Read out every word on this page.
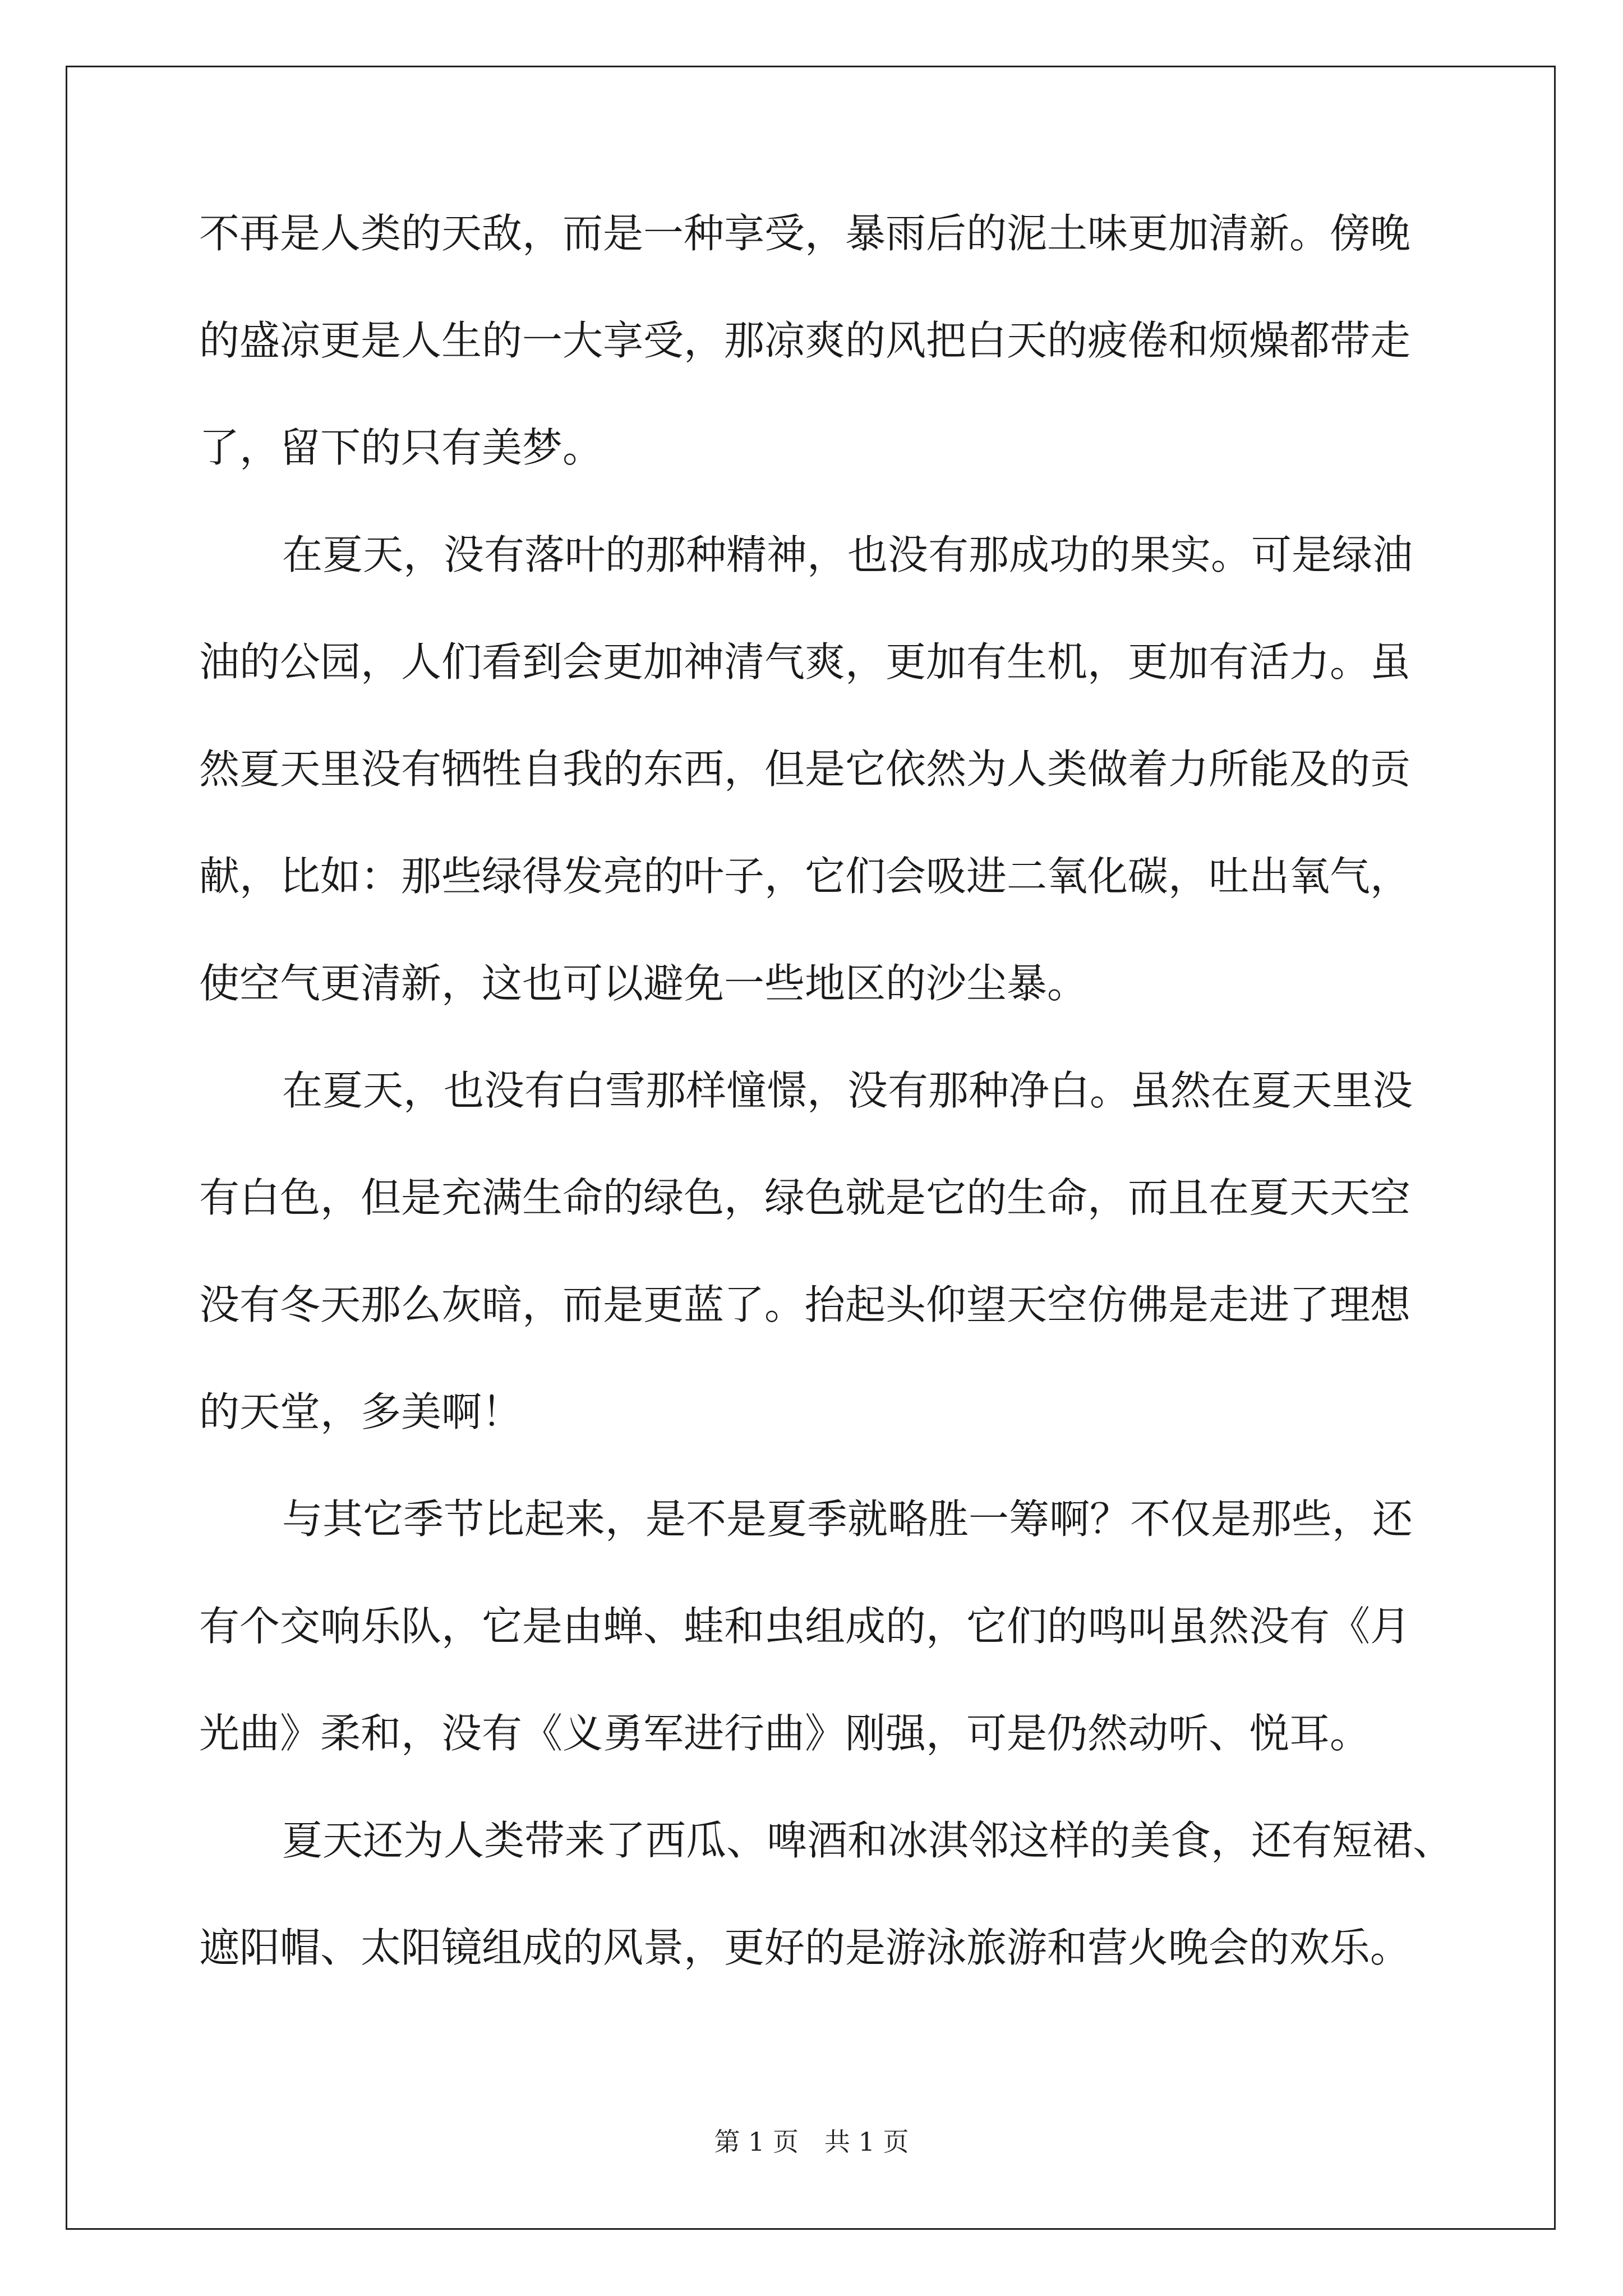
不再是人类的天敌，而是一种享受，暴雨后的泥土味更加清新。傍晚

的盛凉更是人生的一大享受，那凉爽的风把白天的疲倦和烦燥都带走

了，留下的只有美梦。

在夏天，没有落叶的那种精神，也没有那成功的果实。可是绿油

油的公园，人们看到会更加神清气爽，更加有生机，更加有活力。虽

然夏天里没有牺牲自我的东西，但是它依然为人类做着力所能及的贡

献，比如：那些绿得发亮的叶子，它们会吸进二氧化碳，吐出氧气，

使空气更清新，这也可以避免一些地区的沙尘暴。

在夏天，也没有白雪那样憧憬，没有那种净白。虽然在夏天里没

有白色，但是充满生命的绿色，绿色就是它的生命，而且在夏天天空

没有冬天那么灰暗，而是更蓝了。抬起头仰望天空仿佛是走进了理想

的天堂，多美啊！

与其它季节比起来，是不是夏季就略胜一筹啊？不仅是那些，还

有个交响乐队，它是由蝉、蛙和虫组成的，它们的鸣叫虽然没有《月

光曲》柔和，没有《义勇军进行曲》刚强，可是仍然动听、悦耳。

夏天还为人类带来了西瓜、啤酒和冰淇邻这样的美食，还有短裙、

遮阳帽、太阳镜组成的风景，更好的是游泳旅游和营火晚会的欢乐。

第 1 页　共 1 页
